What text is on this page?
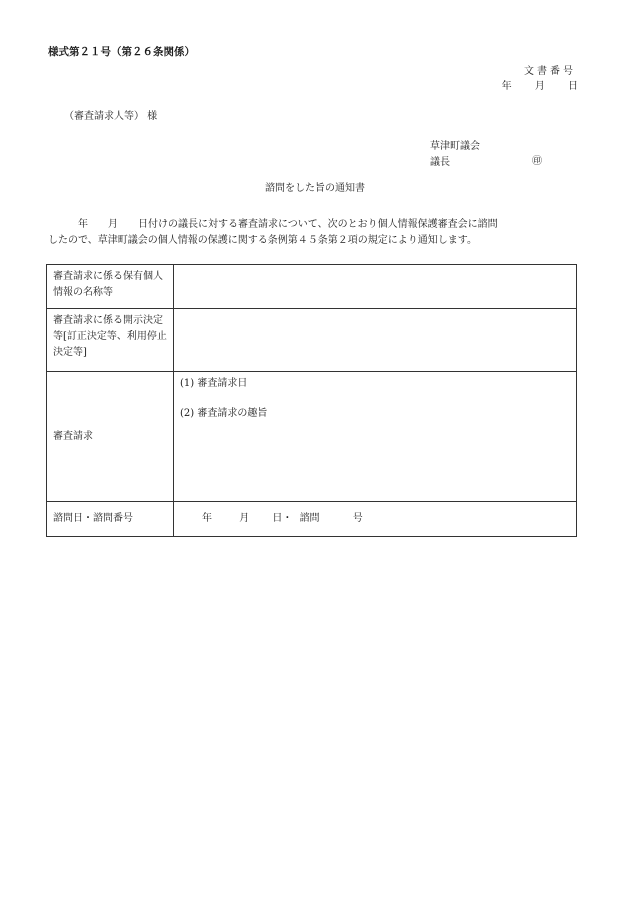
様式第２１号（第２６条関係）
文書番号
年 月 日
（審査請求人等） 様
草津町議会
議長	㊞
諮問をした旨の通知書
　　　年　　月　　日付けの議長に対する審査請求について、次のとおり個人情報保護審査会に諮問
したので、草津町議会の個人情報の保護に関する条例第４５条第２項の規定により通知します。
審査請求に係る保有個人情報の名称等	
審査請求に係る開示決定等[訂正決定等、利用停止決定等]	
審査請求	(1) 審査請求日
(2) 審査請求の趣旨

諮問日・諮問番号	年 月 日・ 諮問 号
